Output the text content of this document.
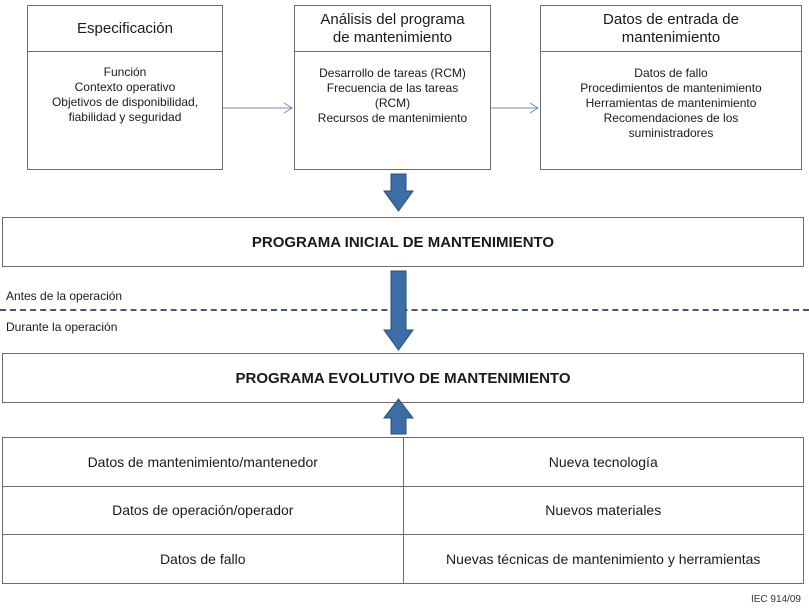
Especificación
Función
Contexto operativo
Objetivos de disponibilidad,
fiabilidad y seguridad
Análisis del programa
de mantenimiento
Desarrollo de tareas (RCM)
Frecuencia de las tareas
(RCM)
Recursos de mantenimiento
Datos de entrada de
mantenimiento
Datos de fallo
Procedimientos de mantenimiento
Herramientas de mantenimiento
Recomendaciones de los
suministradores
PROGRAMA INICIAL DE MANTENIMIENTO
Antes de la operación
Durante la operación
PROGRAMA EVOLUTIVO DE MANTENIMIENTO
Datos de mantenimiento/mantenedor	Nueva tecnología
Datos de operación/operador	Nuevos materiales
Datos de fallo	Nuevas técnicas de mantenimiento y herramientas
IEC 914/09
